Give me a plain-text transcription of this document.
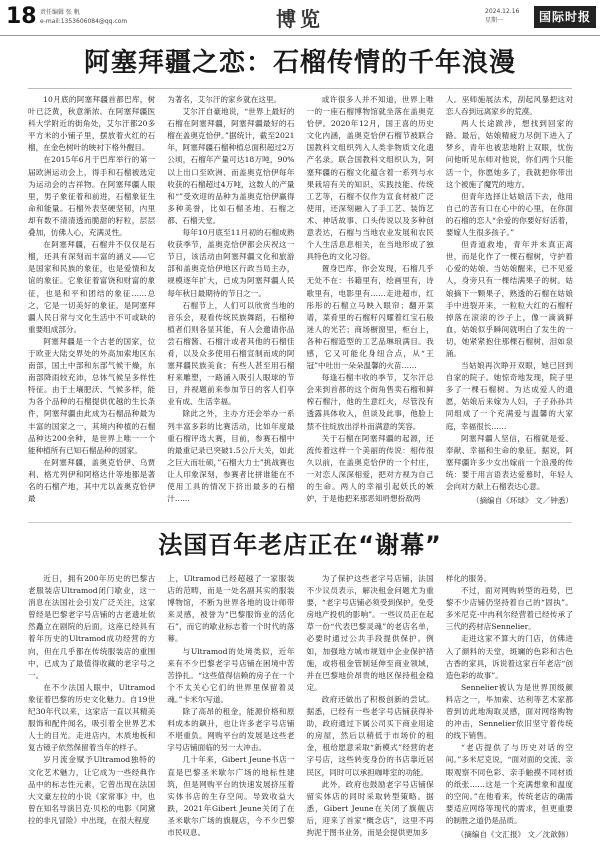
18 责任编辑 张 帆
e-mail:1353606084@qq.com	博览	2024.12.16
星期一	国际时报
阿塞拜疆之恋：石榴传情的千年浪漫

10月底的阿塞拜疆首都巴库，树叶已泛黄，秋意渐浓。在阿塞拜疆医科大学附近的街角处，艾尔汗都20多平方米的小铺子里，摆放着火红的石榴，在金色树叶的映衬下格外醒目。

在2015年6月于巴库举行的第一届欧洲运动会上，得手和石榴被选定为运动会的吉祥物。在阿塞拜疆人眼里，男子象征着和前进，石榴象征生命和能量。石榴外表坚硬坚韧，内里却有数不清清透而脆甜的籽粒，层层叠加，仿佛人心，充满灵性。

在阿塞拜疆，石榴并不仅仅是石榴，还具有深刻而丰富的涵义——它是国家和民族的象征，也是爱情和友谊的象征。它象征着富饶和财富的象征，也是和平和团结的象征……总之，它是一切美好的象征，是阿塞拜疆人民日常与文化生活中不可或缺的重要组成部分。

阿塞拜疆是一个古老的国家，位于欧亚大陆交界处的外高加索地区东南部，国土中部和东部气候干燥，东南部降雨较充沛，总体气候呈多样性特征。由于土壤肥沃、气候多样，能为各个品种的石榴提供优越的生长条件，阿塞拜疆由此成为石榴品种最为丰富的国家之一，其境内种植的石榴品种达200余种，是世界上唯一一个能种植所有已知石榴品种的国家。

在阿塞拜疆，盖奥克恰伊、乌贾利、格尤列伊和阿格达什等地都是著名的石榴产地，其中尤以盖奥克恰伊最

为著名，艾尔汗的家乡就在这里。

艾尔汗自豪地说，“世界上最好的石榴在阿塞拜疆，阿塞拜疆最好的石榴在盖奥克恰伊。”据统计，截至2021年，阿塞拜疆石榴种植总面积超过2万公顷，石榴年产量可达18万吨，90%以上出口至欧洲、而盖奥克恰伊每年收获的石榴超过4万吨，这数人的产量和“”受欢迎的品种为盖奥克恰伊赢得多种美誉，比如石榴圣地、石榴之都、石榴天堂。

每年10月底至11月初的石榴成熟收获季节，盖奥克恰伊都会庆祝这一节日，该活动由阿塞拜疆文化和旅游部和盖奥克恰伊地区行政当局主办，规模逐年扩大，已成为阿塞拜疆人民每年秋日最期待的节日之一。

石榴节上，人们可以欣赏当地的音乐会，观看传统民族舞蹈，石榴种植者们则各显其能，有人会邀请你品尝石榴酱、石榴汁或者其他的石榴佳肴，以及众多使用石榴宣制而成的阿塞拜疆民族美食；有些人甚至用石榴籽来雕塑，一路涌入吸引人眼球的节日，并视题前来参加节日的客人们享业有成、生活幸福。

除此之外，主办方还会举办一系列丰富多彩的比赛活动，比如年度最重石榴评选大赛，目前，参赛石榴中的最重记录已突破1.5公斤大关，如此之巨大而壮硕，”石榴大力士”挑战赛也让人印象深刻，参赛者比拼谁能在不使用工具的情况下挤出最多的石榴汁……

或许很多人并不知道，世界上唯一的一座石榴博物馆就坐落在盖奥克恰伊。2020年12月，国王喜的历史文化内涵，盖奥克恰伊石榴节被联合国教科文组织列入人类非物质文化遗产名录。联合国教科文组织认为，阿塞拜疆的石榴文化蕴含着一系列与水果栽培有关的知识、实践技能、传统工艺等，石榴不仅作为宣食材被广泛使用，还深刻融入了手工艺、装饰艺术、神话故事、口头传说以及多种创意表达，石榴与当地农业发展和农民个人生活息息相关，在当地形成了独具特色的文化习俗。

置身巴库，你会发现，石榴几乎无处不在：书籍里有，绘画里有，诗歌里有，电影里有……走进超市，红彤彤的石榴立马映入眼帘；翻开菜谱，菜肴里的石榴籽闪耀着红宝石般迷人的光芒；商场橱窗里，柜台上，各种石榴造型的工艺品琳琅满目。我感，它又可能化身纽合点，从“王冠”中吐出一朵朵温馨的火苗……

每逢石榴丰收的季节，艾尔汗总会来到首都的这个街角售卖石榴和鲜榨石榴汁，他的生意红火，尽管没有透露具体收入，但谈及此事，他脸上禁不住绽放出浮朴而满意的笑容。

关于石榴在阿塞拜疆的起源，还流传着这样一个美丽的传说：相传很久以前，在盖奥克恰伊的一个村庄，一对恋人深深相爱，把对方视为自己的生命。两人的幸福引起妖氏的嫉妒，于是他把来那恶知坍想扮敌两

人。巫师施展法术，刮起风暴把这对恋人吞到远离家乡的荒漠。

两人长途跋涉，想找到回家的路。最后，姑娘精疲力尽倒下进入了梦乡，青年也被悲地附上双眼，忧伤问他昕见东师对他说，你们两个只能活一个，你愿她多了，我就把你带出这个被施了魔咒的地方。

但青年选择让姑娘活下去，他用自己的苦有口在心中的心里，在你面的石榴的恋人“余爱的你要好好活着，要嫁人生很多孩子。”

但青道救地，青年并未真正离世，而是化作了一棵石榴树，守护着心爱的姑娘。当姑娘醒来，已不见爱人，身旁只有一棵结满果子的树。姑娘摘下一颗果子，熟透的石榴在姑娘手中进裂开来，一粒粒大红的石榴籽掉落在滚滚的沙子上，像一滴滴鲜血，姑娘似乎瞬间就明白了发生的一切，她紧紧抱住那棵石榴树，泪如泉涌。

当姑娘再次睁开双眼，她已回到自家的院子。她惊奇地发现，院子里多了一棵石榴树。为达成爱人的遗愿，姑娘后来嫁为人妇，子子孙孙共同组成了一个充满爱与温馨的大家庭，幸福很长……

阿塞拜疆人坚信，石榴就是爱、奉献、幸福和生命的象征。据说，阿塞拜疆许多少女出嫁前一个浪漫的传统：要于用言语表达爱慕时，年轻人会向对方献上石榴表达心意。

（摘编自《环球》 文／钟悉）

法国百年老店正在“谢幕”

近日，拥有200年历史的巴黎古老服装店Ultramod闭门歇业，这一消息在法国社会引发广泛关注，这家曾经是巴黎老字号店铺的古老遗址依然矗立在剧院的后面，这座已经具有着年历史的Ultramod成功经营的方向，但在几乎都在传统服装店的重围中，已成为了最值得收藏的老字号之一。

在不少法国人眼中，Ultramod象征着巴黎的历史文化魅力。自19世纪30年代以来，这家店一直以其精美服饰和配件闻名，吸引着全世界艺术人士的目光。走进店内，木质地板和复古镜子依然保留着当年的样子。

岁月流金赋予Ultramod独特的文化艺术魅力，让它成为一些经典作品中的标志性元素，它曾出现在法国大文豪左拉的小说《家常事》中，也曾在知名导演吕克·贝松的电影《阿黛拉的非凡冒险》中出现，在很大程度

上，Ultramod已经超越了一家服装店的范畴，而是一处名副其实的服装博物馆，不断为世界各地的设计师带来灵感，被誉为“巴黎服饰业的活化石”，而它的歇业标志着一个时代的落幕。

与Ultramod的处境类似，近年来有不少巴黎老字号店铺在困境中苦苦挣扎。“这些值得信赖的房子在一个个不太关心它们的世界里保留着灵魂。”卡米尔写道。

除了高昂的租金，能源价格和原料成本的飙升，也让许多老字号店铺不堪重负。网购平台的发展是这些老字号店铺面临的另一大冲击。

几十年来，Gibert Jeune书店一直是巴黎圣米歇尔广场的地标性建筑，但是网购平台的快速发展挤压着实体书店的生存空间。导致收益大跌，2021年Gibert Jeune关闭了在圣米歇尔广场的旗舰店，今不少巴黎市民叹息。

为了保护这些老字号店铺，法国不少议员表示，解决租金问题尤为重要，“老字号店铺必须受到保护，免受房地产投机的影响”。一些议员正在起草一份“代表巴黎灵魂”的老店名单，必要时通过公共手段提供保护。例如，加强地方城市规划中企业保护措施，或将租金管制延伸至商业领域，并在巴黎地价昂贵的地区保持租金稳定。

政府还做出了积极创新的尝试。据悉，已经有一些老字号店铺获得补助，政府通过下属公司买下商业用途的房屋，然后以稍低于市场价的租金，租给愿意采取“新模式”经营的老字号店，这些转变身份的书店靠近居民区，同时可以承担咖啡室的功能。

此外，政府也鼓励老字号店铺保留实体店的同时采取转型策略。据悉，Gibert Jeune在关闭了旗舰店后，迎来了首家“概念店”，这里不再拘泥于图书业务，而是会提供更加多

样化的服务。

不过，面对网购转型的趋势，巴黎不少店铺仍坚持着自己的“固执”。多米尼克·中冉利尔经营着已经传承了三代的药材店Sennelier。

走进这家不算大的门店，仿佛进入了颜料的天堂，斑斓的色彩和古色古香的家具，诉说着这家百年老店“创造色彩的故事”。

Sennelier被认为是世界顶级颜料店之一，毕加索、达利等艺术家都曾到访此地淘取灵感，面对网络购物的冲击，Sennelier依旧坚守着传统的线下销售。

“老店提供了与历史对话的空间。”多米尼克说，“面对面的交流、亲眼观察不同色彩、亲手触摸不同材质的纸张……这是一个充满想象和温度的空间。”在他看来，传统老店的确需要适应网络等现代的需求，但更重要的制胜之道仍是品质。

（摘编自《文汇报》 文／沈歆韩）
